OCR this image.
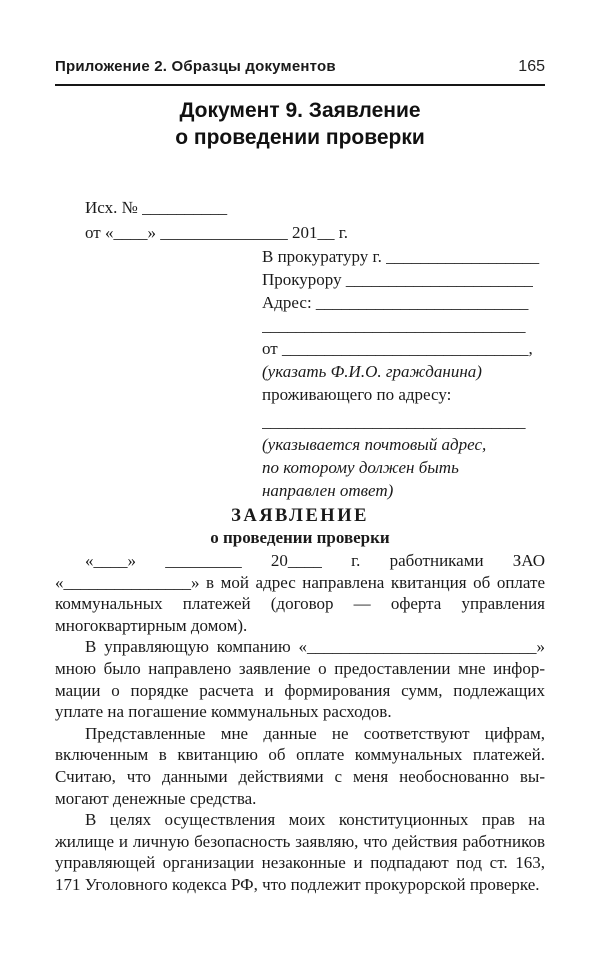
Приложение 2. Образцы документов	165
Документ 9. Заявление
о проведении проверки
Исх. № __________
от «____» _______________ 201__ г.
В прокуратуру г. __________________
Прокурору ______________________
Адрес: _________________________
_______________________________
от _____________________________,
(указать Ф.И.О. гражданина)
проживающего по адресу:
_______________________________
(указывается почтовый адрес,
по которому должен быть
направлен ответ)
ЗАЯВЛЕНИЕ
о проведении проверки

«____» _________ 20____ г. работниками ЗАО «_______________» в мой адрес направлена квитанция об оплате коммунальных платежей (договор — оферта управления многоквартирным домом).

В управляющую компанию «___________________________» мною было направлено заявление о предоставлении мне информации о порядке расчета и формирования сумм, подлежащих уплате на погашение коммунальных расходов.

Представленные мне данные не соответствуют цифрам, включенным в квитанцию об оплате коммунальных платежей. Считаю, что данными действиями с меня необоснованно вымогают денежные средства.

В целях осуществления моих конституционных прав на жилище и личную безопасность заявляю, что действия работников управляющей организации незаконные и подпадают под ст. 163, 171 Уголовного кодекса РФ, что подлежит прокурорской проверке.
